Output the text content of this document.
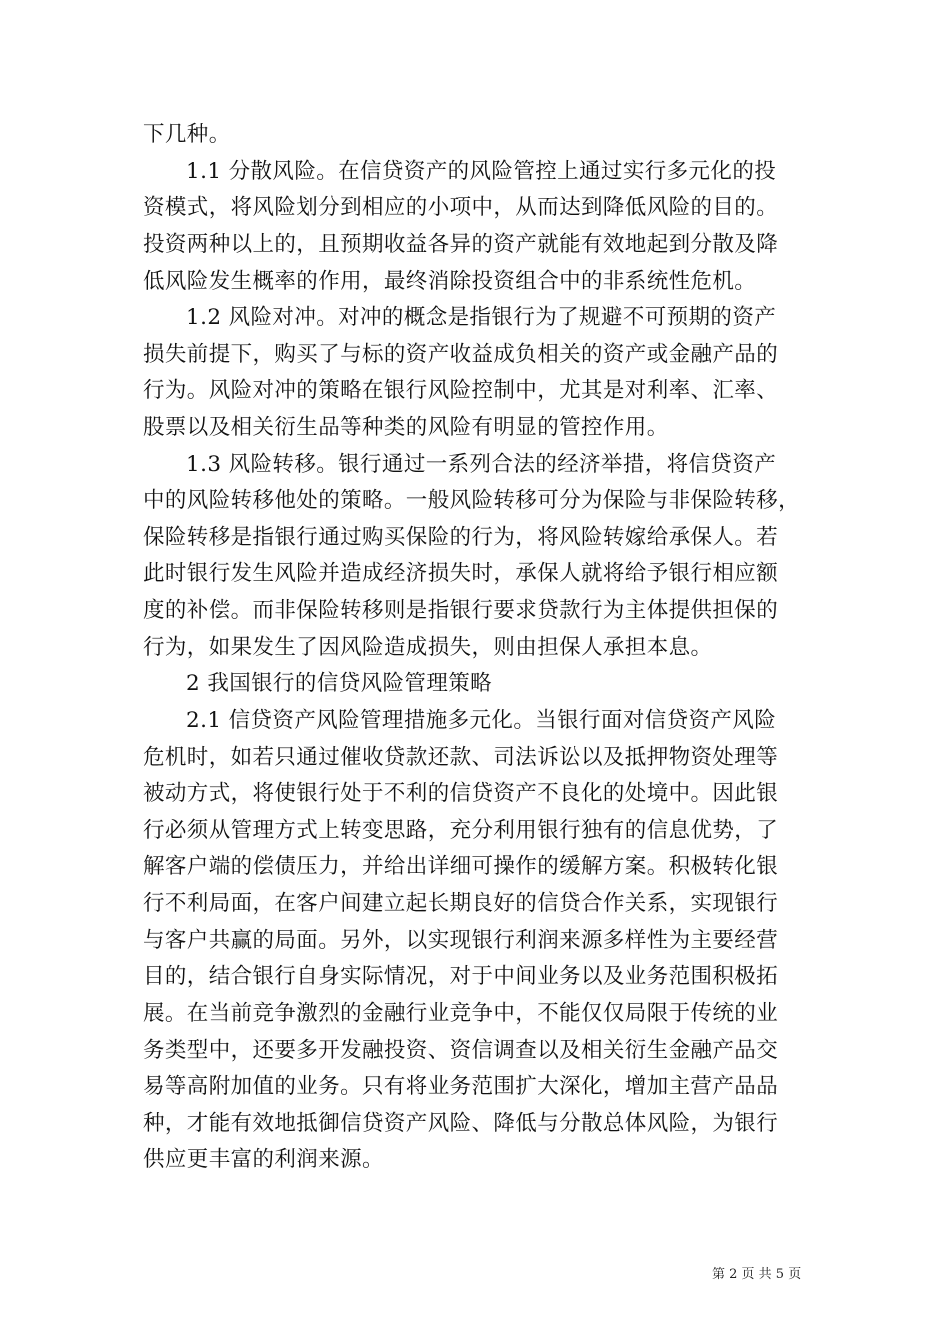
下几种。
1.1 分散风险。在信贷资产的风险管控上通过实行多元化的投
资模式，将风险划分到相应的小项中，从而达到降低风险的目的。
投资两种以上的，且预期收益各异的资产就能有效地起到分散及降
低风险发生概率的作用，最终消除投资组合中的非系统性危机。
1.2 风险对冲。对冲的概念是指银行为了规避不可预期的资产
损失前提下，购买了与标的资产收益成负相关的资产或金融产品的
行为。风险对冲的策略在银行风险控制中，尤其是对利率、汇率、
股票以及相关衍生品等种类的风险有明显的管控作用。
1.3 风险转移。银行通过一系列合法的经济举措，将信贷资产
中的风险转移他处的策略。一般风险转移可分为保险与非保险转移，
保险转移是指银行通过购买保险的行为，将风险转嫁给承保人。若
此时银行发生风险并造成经济损失时，承保人就将给予银行相应额
度的补偿。而非保险转移则是指银行要求贷款行为主体提供担保的
行为，如果发生了因风险造成损失，则由担保人承担本息。
2 我国银行的信贷风险管理策略
2.1 信贷资产风险管理措施多元化。当银行面对信贷资产风险
危机时，如若只通过催收贷款还款、司法诉讼以及抵押物资处理等
被动方式，将使银行处于不利的信贷资产不良化的处境中。因此银
行必须从管理方式上转变思路，充分利用银行独有的信息优势，了
解客户端的偿债压力，并给出详细可操作的缓解方案。积极转化银
行不利局面，在客户间建立起长期良好的信贷合作关系，实现银行
与客户共赢的局面。另外，以实现银行利润来源多样性为主要经营
目的，结合银行自身实际情况，对于中间业务以及业务范围积极拓
展。在当前竞争激烈的金融行业竞争中，不能仅仅局限于传统的业
务类型中，还要多开发融投资、资信调查以及相关衍生金融产品交
易等高附加值的业务。只有将业务范围扩大深化，增加主营产品品
种，才能有效地抵御信贷资产风险、降低与分散总体风险，为银行
供应更丰富的利润来源。
第 2 页 共 5 页
